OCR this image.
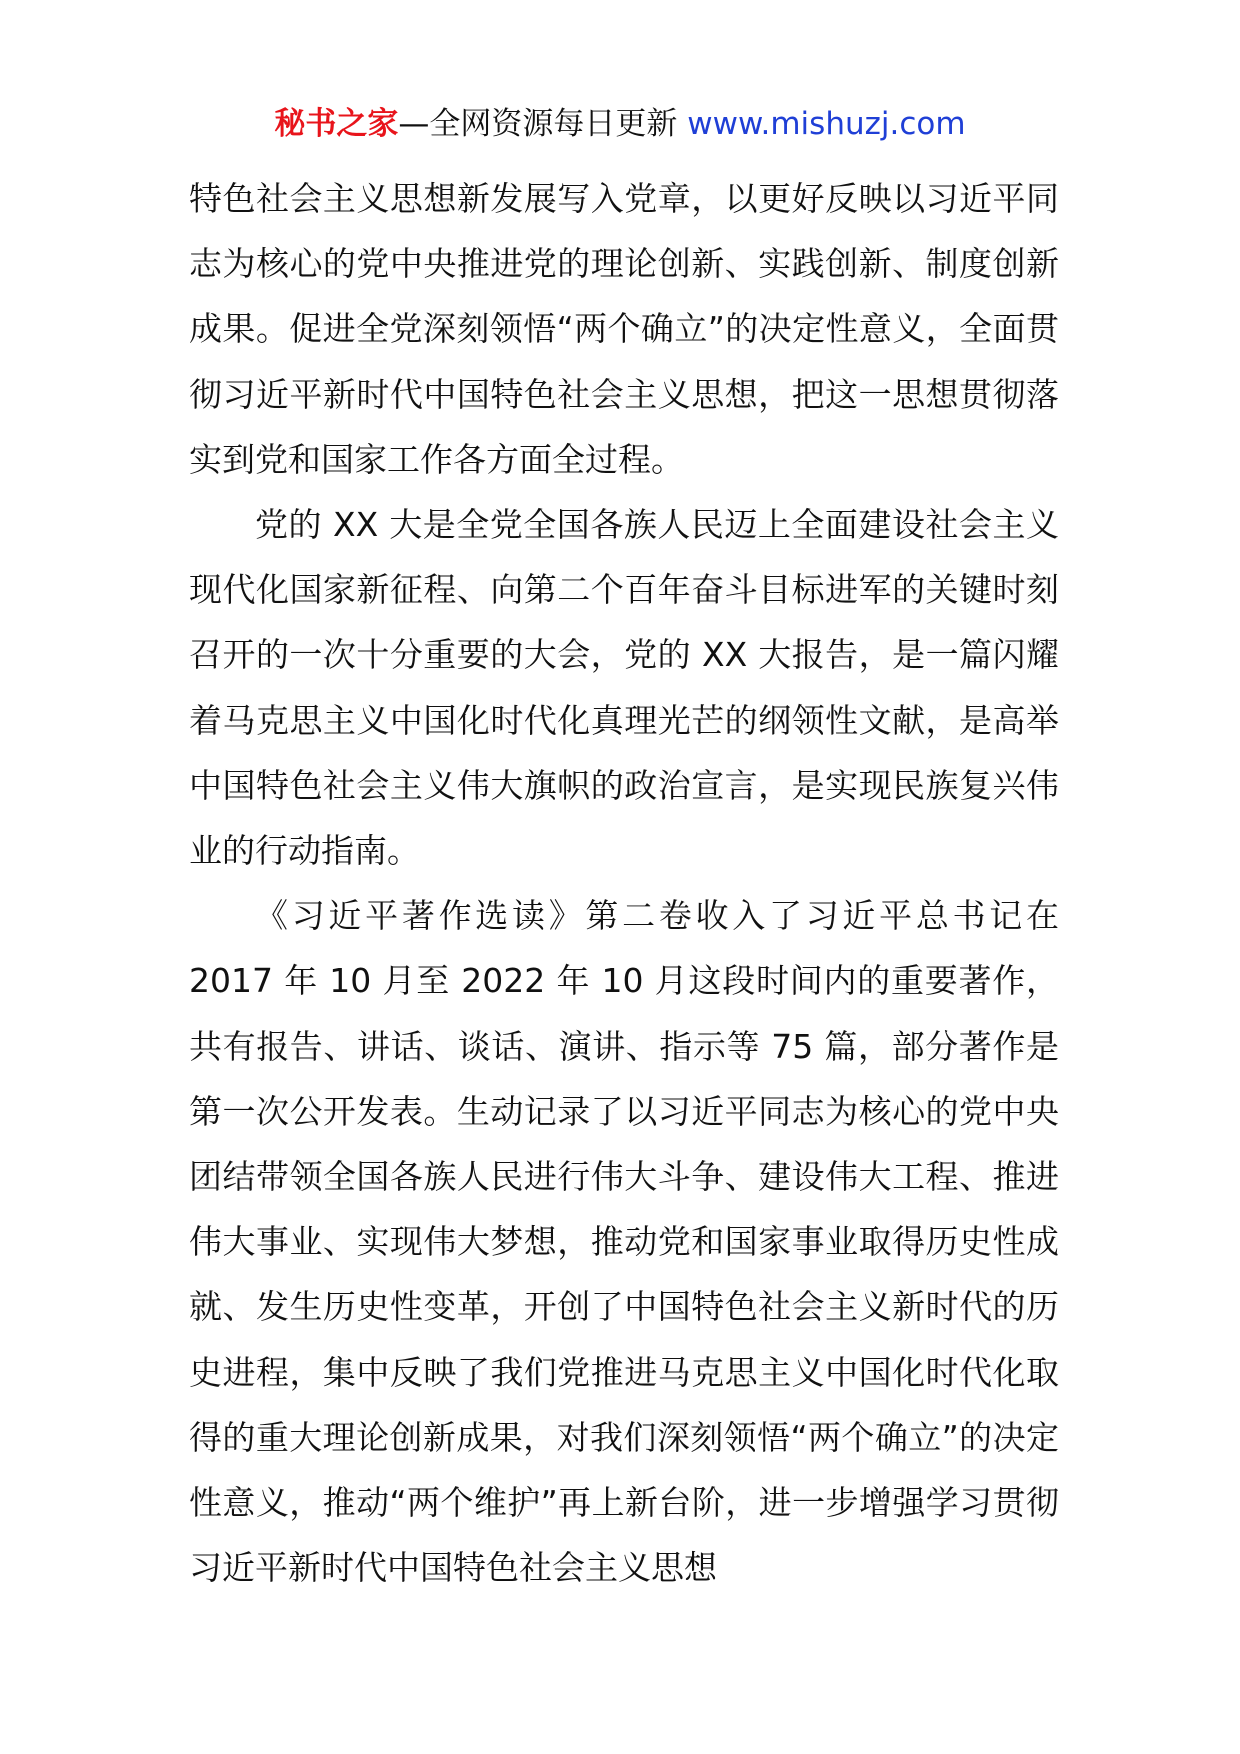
秘书之家—全网资源每日更新 www.mishuzj.com

特色社会主义思想新发展写入党章，以更好反映以习近平同志为核心的党中央推进党的理论创新、实践创新、制度创新成果。促进全党深刻领悟“两个确立”的决定性意义，全面贯彻习近平新时代中国特色社会主义思想，把这一思想贯彻落实到党和国家工作各方面全过程。

党的 XX 大是全党全国各族人民迈上全面建设社会主义现代化国家新征程、向第二个百年奋斗目标进军的关键时刻召开的一次十分重要的大会，党的 XX 大报告，是一篇闪耀着马克思主义中国化时代化真理光芒的纲领性文献，是高举中国特色社会主义伟大旗帜的政治宣言，是实现民族复兴伟业的行动指南。

《习近平著作选读》第二卷收入了习近平总书记在 2017 年 10 月至 2022 年 10 月这段时间内的重要著作，共有报告、讲话、谈话、演讲、指示等 75 篇，部分著作是第一次公开发表。生动记录了以习近平同志为核心的党中央团结带领全国各族人民进行伟大斗争、建设伟大工程、推进伟大事业、实现伟大梦想，推动党和国家事业取得历史性成就、发生历史性变革，开创了中国特色社会主义新时代的历史进程，集中反映了我们党推进马克思主义中国化时代化取得的重大理论创新成果，对我们深刻领悟“两个确立”的决定性意义，推动“两个维护”再上新台阶，进一步增强学习贯彻习近平新时代中国特色社会主义思想
